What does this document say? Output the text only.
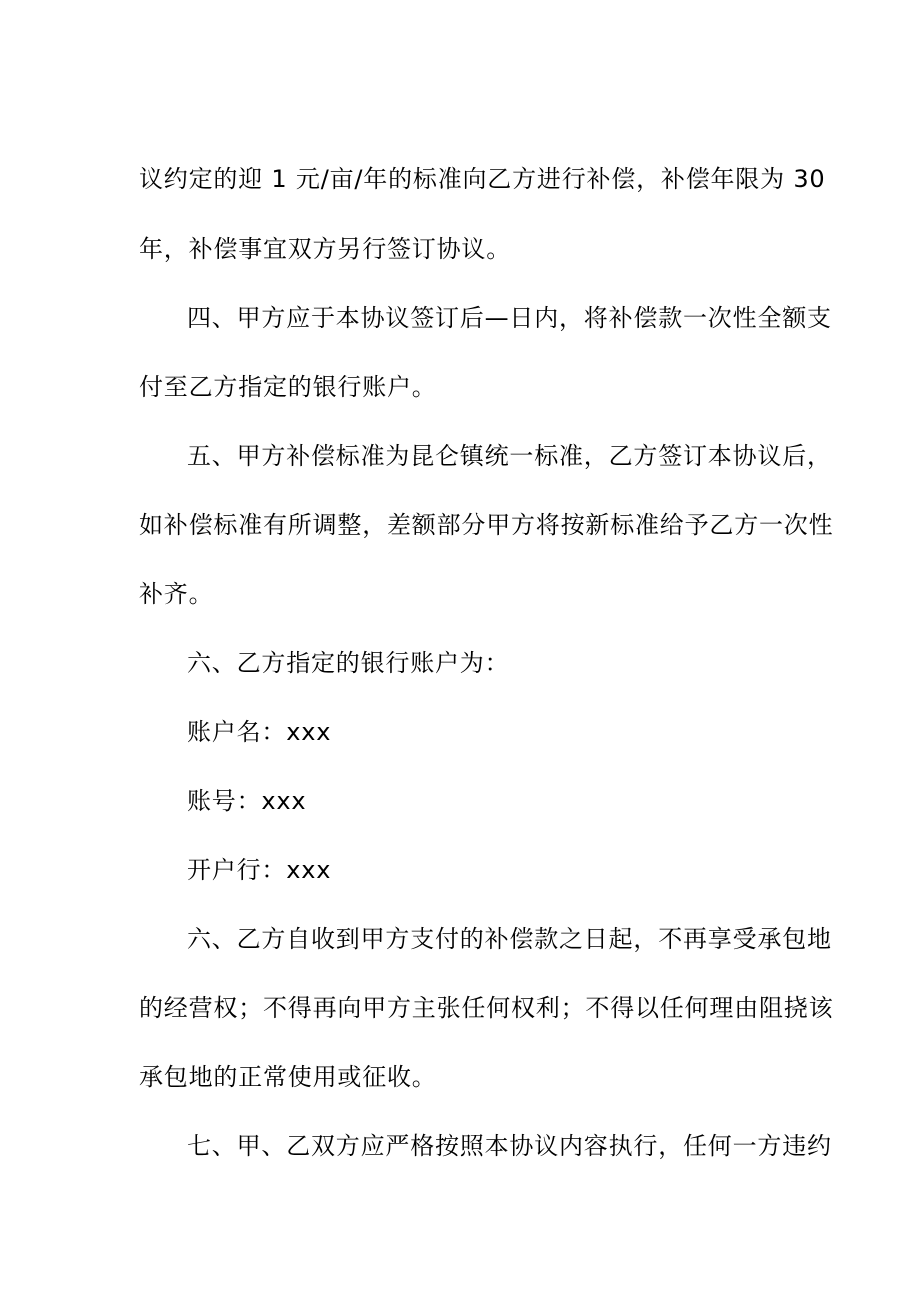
议约定的迎 1 元/亩/年的标准向乙方进行补偿，补偿年限为 30
年，补偿事宜双方另行签订协议。
四、甲方应于本协议签订后—日内，将补偿款一次性全额支
付至乙方指定的银行账户。
五、甲方补偿标准为昆仑镇统一标准，乙方签订本协议后，
如补偿标准有所调整，差额部分甲方将按新标准给予乙方一次性
补齐。
六、乙方指定的银行账户为：
账户名：xxx
账号：xxx
开户行：xxx
六、乙方自收到甲方支付的补偿款之日起，不再享受承包地
的经营权；不得再向甲方主张任何权利；不得以任何理由阻挠该
承包地的正常使用或征收。
七、甲、乙双方应严格按照本协议内容执行，任何一方违约
